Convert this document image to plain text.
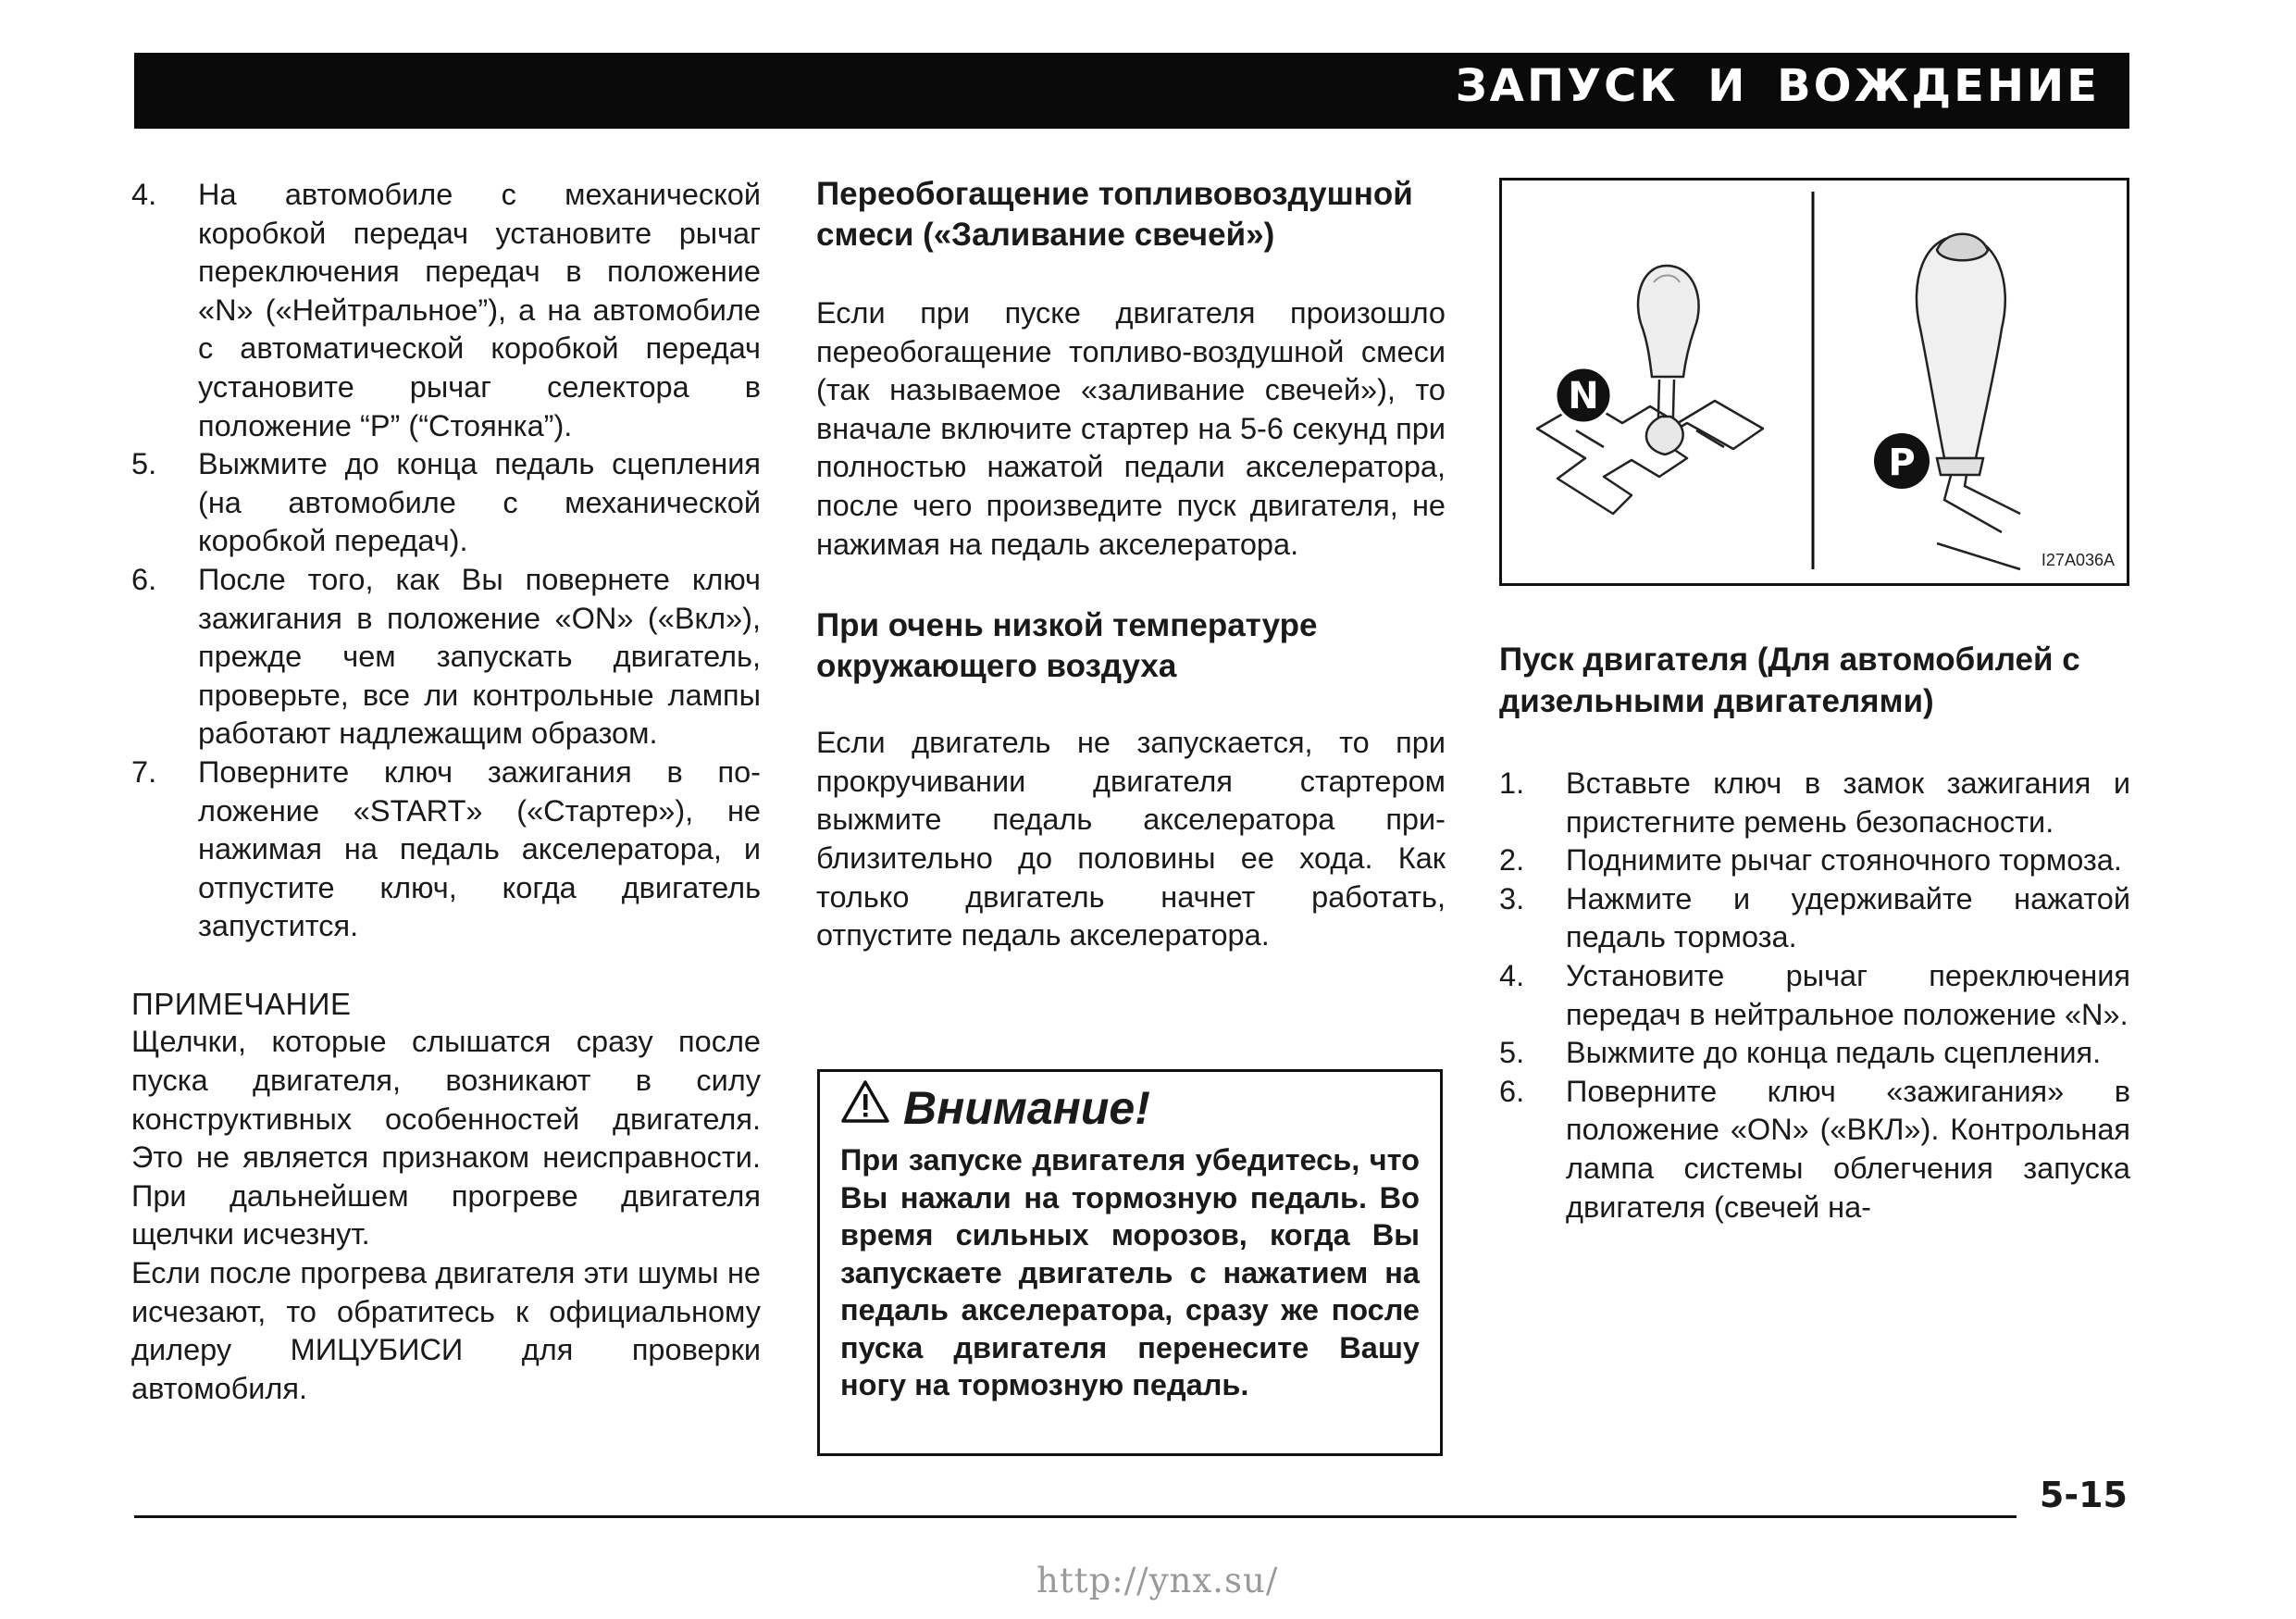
ЗАПУСК И ВОЖДЕНИЕ
4.	На автомобиле с механической коробкой передач установите рычаг переключения передач в положение «N» («Нейтральное”), а на автомобиле с автоматической коробкой передач установите рычаг селектора в положение “P” (“Стоянка”).
5.	Выжмите до конца педаль сцепления (на автомобиле с механической коробкой передач).
6.	После того, как Вы повернете ключ зажигания в положение «ON» («Вкл»), прежде чем запускать двигатель, проверьте, все ли контрольные лампы работают надлежащим образом.
7.	Поверните ключ зажигания в положение «START» («Стартер»), не нажимая на педаль акселератора, и отпустите ключ, когда двигатель запустится.
ПРИМЕЧАНИЕ

Щелчки, которые слышатся сразу после пуска двигателя, возникают в силу конструктивных особенностей двигателя. Это не является признаком неисправности. При дальнейшем прогреве двигателя щелчки исчезнут.

Если после прогрева двигателя эти шумы не исчезают, то обратитесь к официальному дилеру МИЦУБИСИ для проверки автомобиля.

Переобогащение топливовоздушной смеси («Заливание свечей»)

Если при пуске двигателя произошло переобогащение топливо-воздушной смеси (так называемое «заливание свечей»), то вначале включите стартер на 5-6 секунд при полностью нажатой педали акселератора, после чего произведите пуск двигателя, не нажимая на педаль акселератора.

При очень низкой температуре окружающего воздуха

Если двигатель не запускается, то при прокручивании двигателя стартером выжмите педаль акселератора приблизительно до половины ее хода. Как только двигатель начнет работать, отпустите педаль акселератора.

Внимание!

При запуске двигателя убедитесь, что Вы нажали на тормозную педаль. Во время сильных морозов, когда Вы запускаете двигатель с нажатием на педаль акселератора, сразу же после пуска двигателя перенесите Вашу ногу на тормозную педаль.

N
P
I27A036A
Пуск двигателя (Для автомобилей с дизельными двигателями)
1.	Вставьте ключ в замок зажигания и пристегните ремень безопасности.
2.	Поднимите рычаг стояночного тормоза.
3.	Нажмите и удерживайте нажатой педаль тормоза.
4.	Установите рычаг переключения передач в нейтральное положение «N».
5.	Выжмите до конца педаль сцепления.
6.	Поверните ключ «зажигания» в положение «ON» («ВКЛ»). Контрольная лампа системы облегчения запуска двигателя (свечей на-
5-15
http://ynx.su/
